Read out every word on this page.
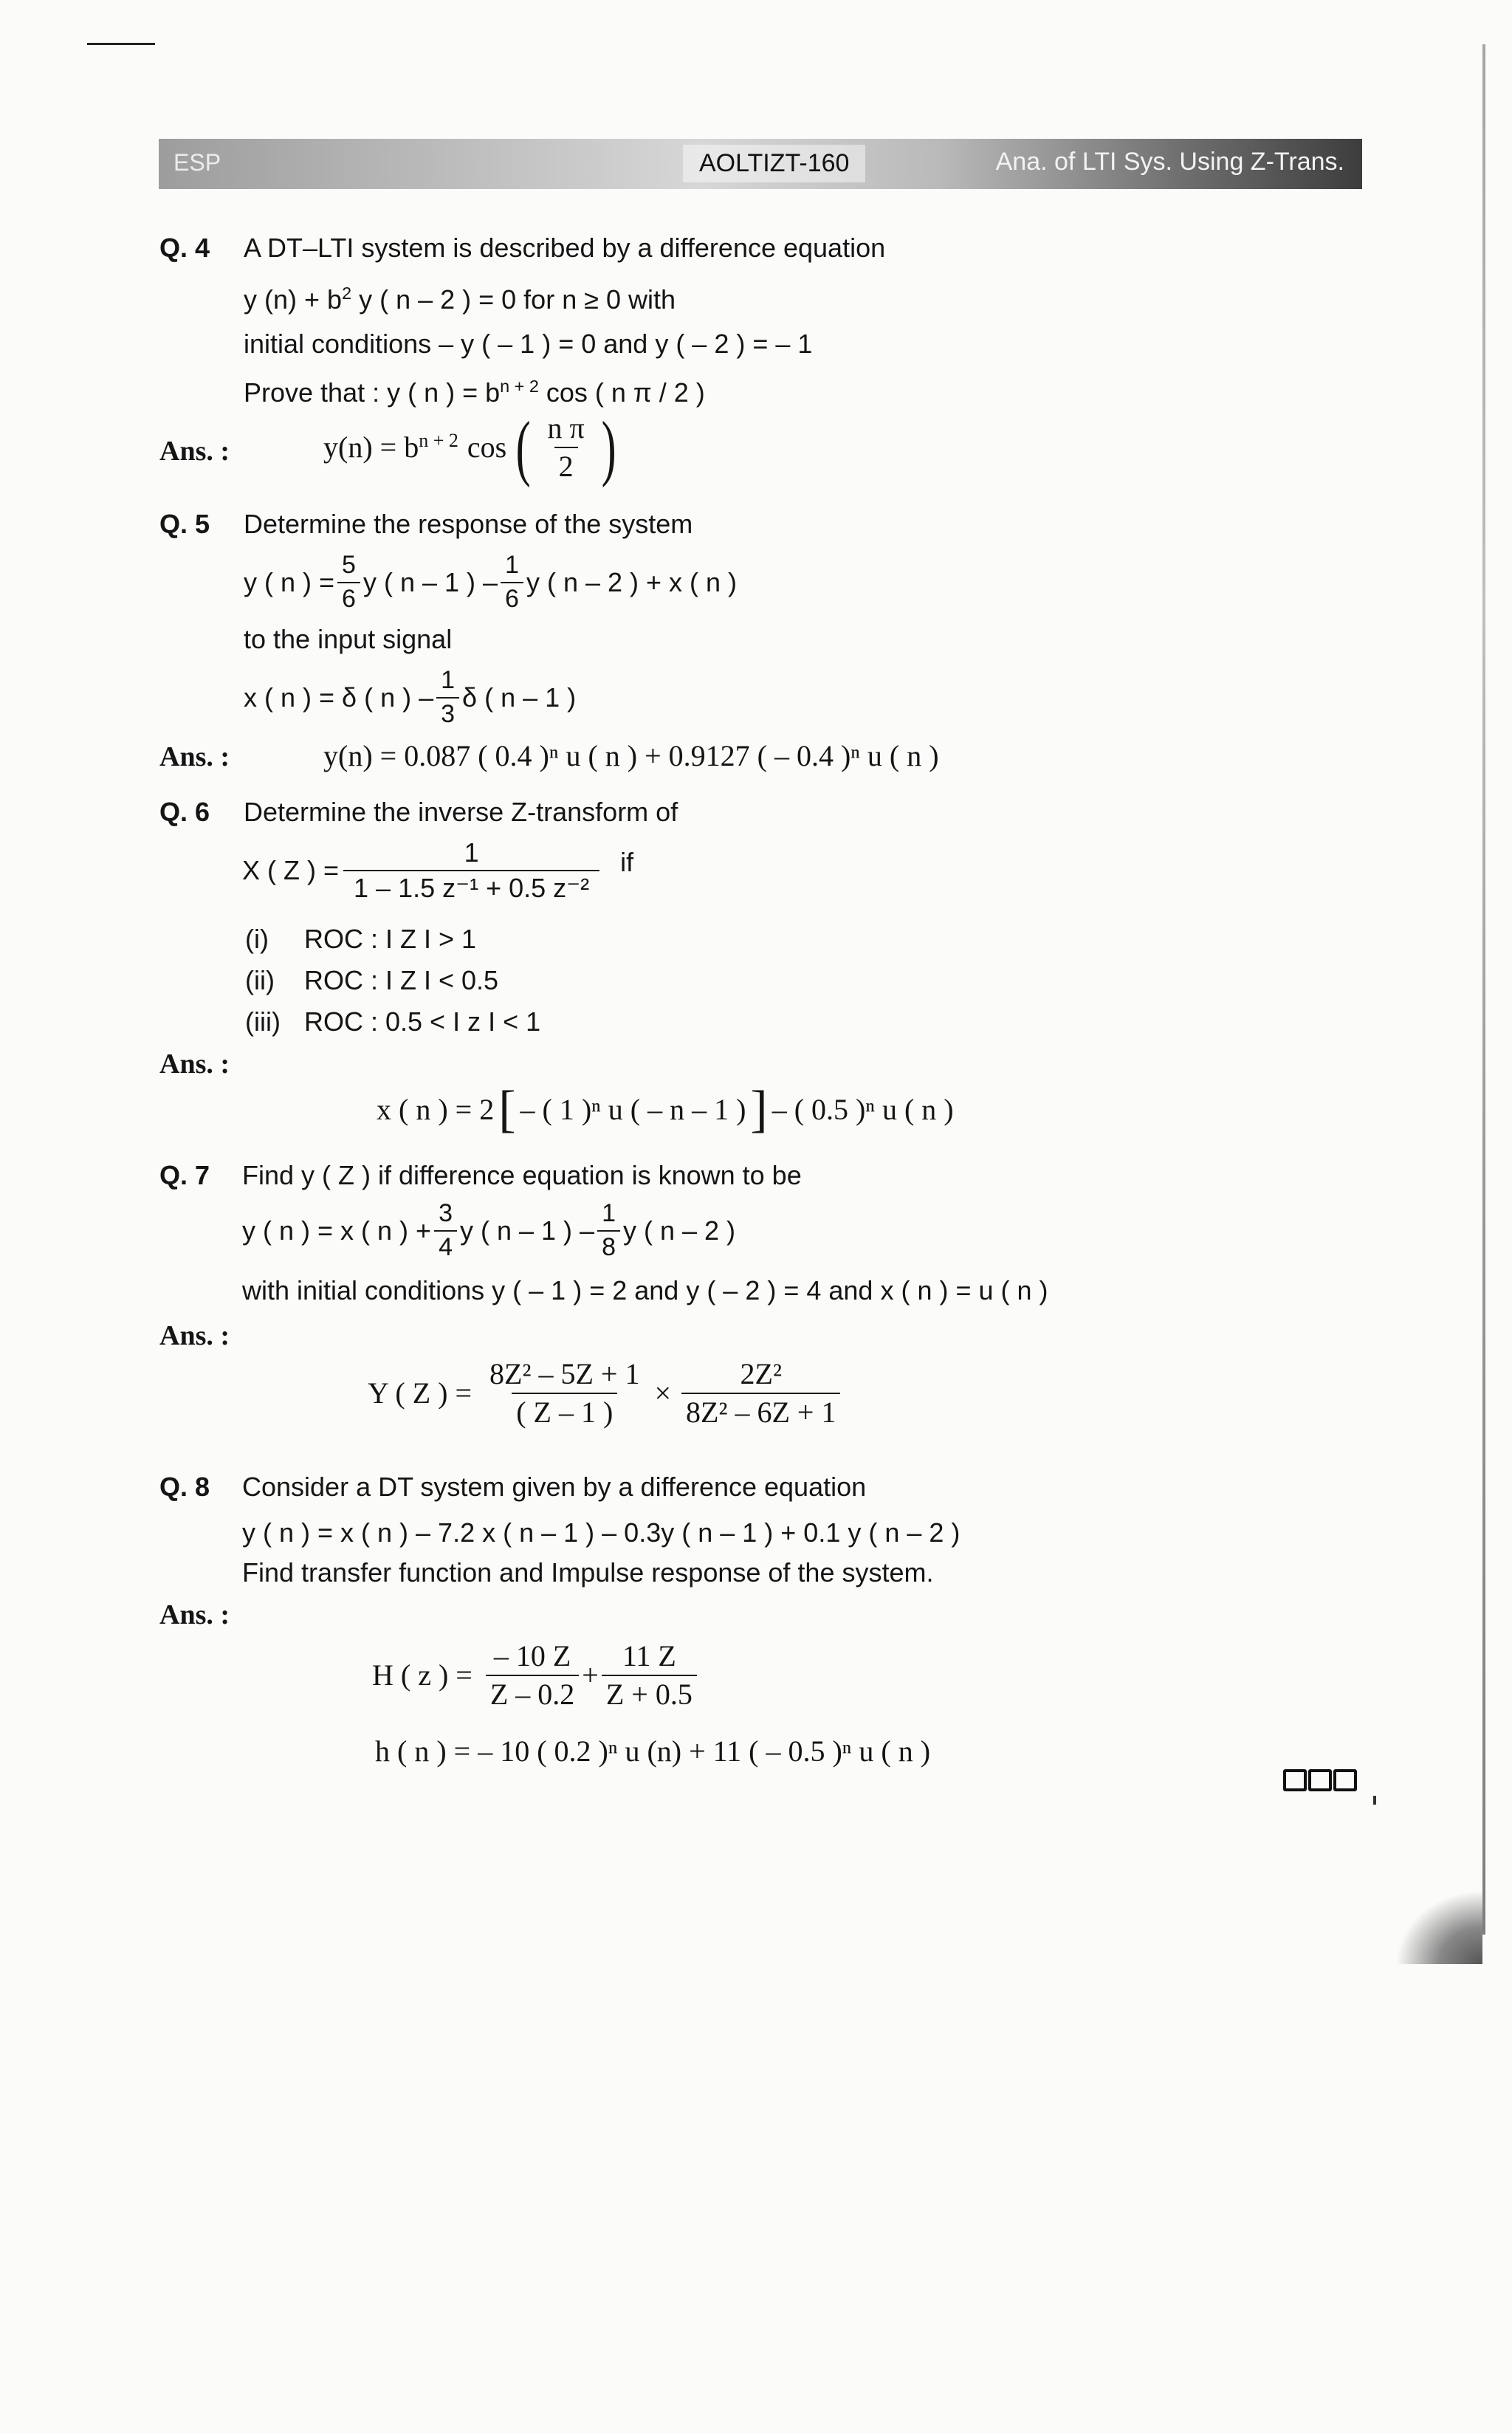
ESP	AOLTIZT-160	Ana. of LTI Sys. Using Z-Trans.
Q. 4 A DT–LTI system is described by a difference equation
y $(n) + b^2$ y ( n – 2 ) = 0 for n ≥ 0 with
initial conditions – y ( – 1 ) = 0 and y ( – 2 ) = – 1
Prove that : y ( n ) = $b^{n + 2}$ cos ( n π / 2 )
Ans. :	$y(n) = b^{n + 2}$ cos ( $\frac{\text{n π}}{2}$ )
Q. 5 Determine the response of the system
y ( n ) = $\frac{5}{6}$ y ( n – 1 ) – $\frac{1}{6}$ y ( n – 2 ) + x ( n )
to the input signal
x ( n ) = δ ( n ) – $\frac{1}{3}$ δ ( n – 1 )
Ans. :	y(n) = 0.087 ( 0.4 )ⁿ u ( n ) + 0.9127 ( – 0.4 )ⁿ u ( n )
Q. 6 Determine the inverse Z-transform of
X ( Z ) = $\frac{1}{\text{1 – 1.5 z⁻¹ + 0.5 z⁻²}}$ if
(i) ROC : I Z I > 1
(ii) ROC : I Z I < 0.5
(iii) ROC : 0.5 < I z I < 1
Ans. :
x ( n ) = 2 [ – ( 1 )ⁿ u ( – n – 1 ) ] – ( 0.5 )ⁿ u ( n )
Q. 7 Find y ( Z ) if difference equation is known to be
y ( n ) = x ( n ) + $\frac{3}{4}$ y ( n – 1 ) – $\frac{1}{8}$ y ( n – 2 )
with initial conditions y ( – 1 ) = 2 and y ( – 2 ) = 4 and x ( n ) = u ( n )
Ans. :
Y ( Z ) = $\frac{\text{8Z² – 5Z + 1}}{( Z - 1 )} \times \frac{\text{2Z²}}{\text{8Z² – 6Z + 1}}$
Q. 8 Consider a DT system given by a difference equation
y ( n ) = x ( n ) – 7.2 x ( n – 1 ) – 0.3y ( n – 1 ) + 0.1 y ( n – 2 )
Find transfer function and Impulse response of the system.
Ans. :
H ( z ) = $\frac{- 10 Z}{Z - 0.2} + \frac{11 Z}{Z + 0.5}$
h ( n ) = – 10 ( 0.2 )ⁿ u (n) + 11 ( – 0.5 )ⁿ u ( n )
